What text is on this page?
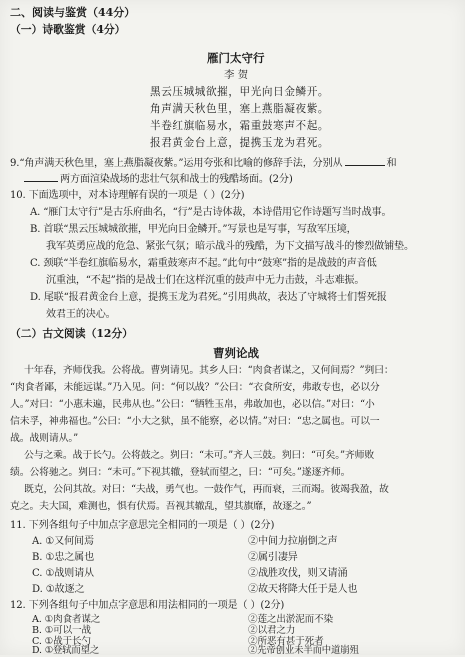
二、阅读与鉴赏（44分）
（一）诗歌鉴赏（4分）
雁门太守行
李 贺
黑云压城城欲摧，甲光向日金鳞开。
角声满天秋色里，塞上燕脂凝夜紫。
半卷红旗临易水，霜重鼓寒声不起。
报君黄金台上意，提携玉龙为君死。
9.“角声满天秋色里，塞上燕脂凝夜紫。”运用夸张和比喻的修辞手法，分别从	和
两方面渲染战场的悲壮气氛和战士的残酷场面。(2分)
10. 下面选项中，对本诗理解有误的一项是（ ）(2分)
A. “雁门太守行”是古乐府曲名，“行”是古诗体裁，本诗借用它作诗题写当时战事。
B. 首联“黑云压城城欲摧，甲光向日金鳞开。”写景也是写事，写敌军压境，
我军英勇应战的危急、紧张气氛；暗示战斗的残酷，为下文描写战斗的惨烈做铺垫。
C. 颈联“半卷红旗临易水，霜重鼓寒声不起。”此句中“鼓寒”指的是战鼓的声音低
沉重浊，“不起”指的是战士们在这样沉重的鼓声中无力击鼓，斗志难振。
D. 尾联“报君黄金台上意，提携玉龙为君死。”引用典故，表达了守城将士们誓死报
效君王的决心。
（二）古文阅读（12分）
曹刿论战
十年春，齐师伐我。公将战。曹刿请见。其乡人曰：“肉食者谋之，又何间焉？”刿曰：
“肉食者鄙，未能远谋。”乃入见。问：“何以战？”公曰：“衣食所安，弗敢专也，必以分
人。”对曰：“小惠未遍，民弗从也。”公曰：“牺牲玉帛，弗敢加也，必以信。”对曰：“小
信未孚，神弗福也。”公曰：“小大之狱，虽不能察，必以情。”对曰：“忠之属也。可以一
战。战则请从。”
公与之乘。战于长勺。公将鼓之。刿曰：“未可。”齐人三鼓。刿曰：“可矣。”齐师败
绩。公将驰之。刿曰：“未可。”下视其辙，登轼而望之，曰：“可矣。”遂逐齐师。
既克，公问其故。对曰：“夫战，勇气也。一鼓作气，再而衰，三而竭。彼竭我盈，故
克之。夫大国，难测也，惧有伏焉。吾视其辙乱，望其旗靡，故逐之。”
11. 下列各组句子中加点字意思完全相同的一项是（ ）(2分)
A. ①又何间焉	②中间力拉崩倒之声
B. ①忠之属也	②属引凄异
C. ①战则请从	②战胜攻伐，则又请涌
D. ①故逐之	②故天将降大任于是人也
12. 下列各组句子中加点字意思和用法相同的一项是（ ）(2分)
A. ①肉食者谋之	②莲之出淤泥而不染
B. ①可以一战	②以君之力
C. ①战于长勺	②所恶有甚于死者
D. ①登轼而望之	②先帝创业未半而中道崩殂
